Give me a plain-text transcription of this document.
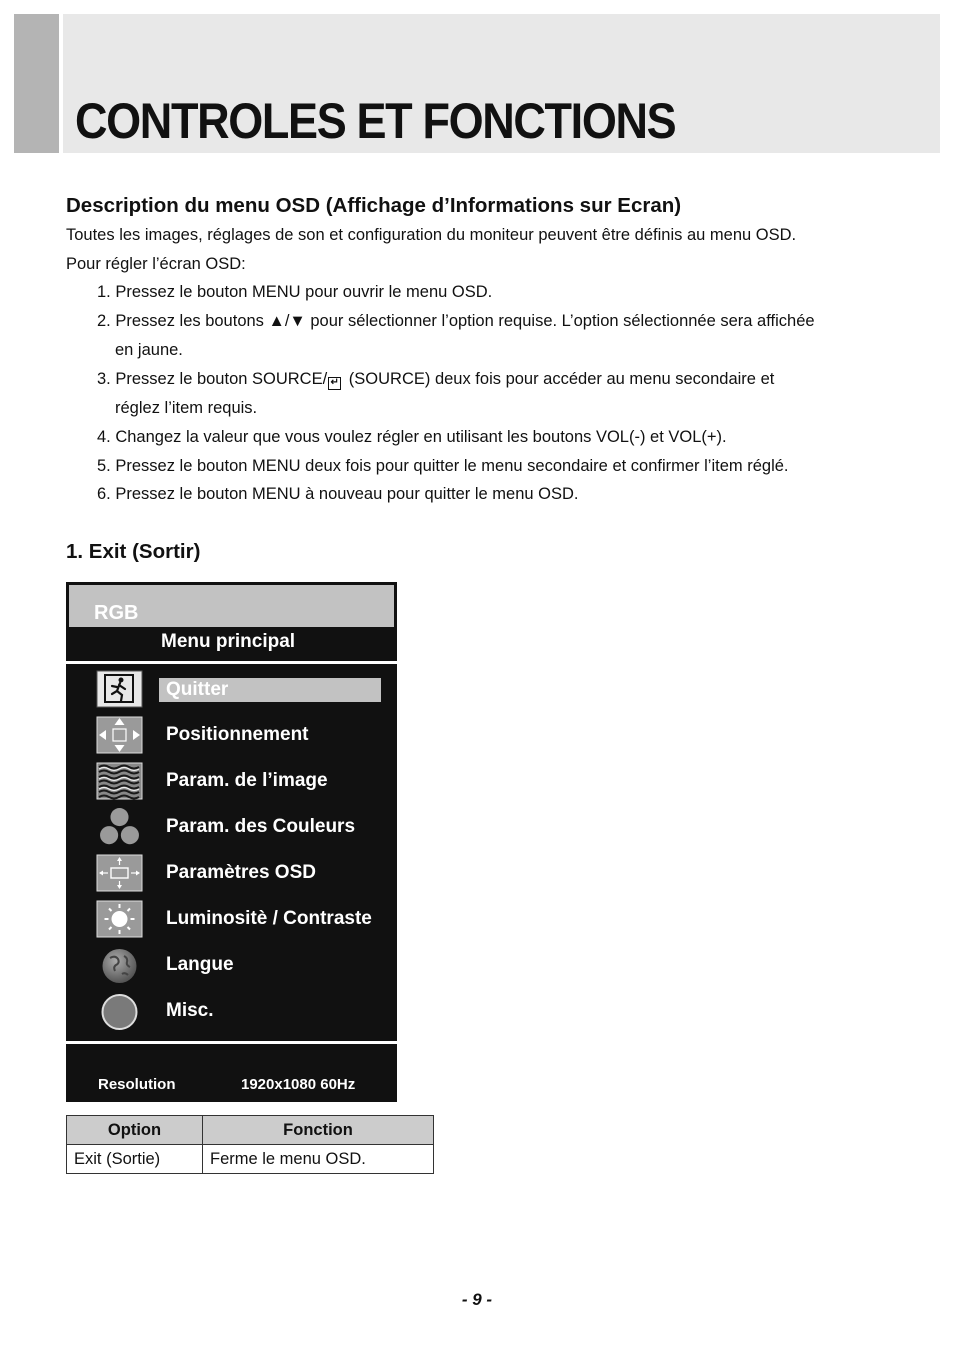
CONTROLES ET FONCTIONS
Description du menu OSD (Affichage d’Informations sur Ecran)
Toutes les images, réglages de son et configuration du moniteur peuvent être définis au menu OSD.
Pour régler l’écran OSD:
1. Pressez le bouton MENU pour ouvrir le menu OSD.
2. Pressez les boutons ▲/▼ pour sélectionner l’option requise. L’option sélectionnée sera affichée
en jaune.
3. Pressez le bouton SOURCE/ ↵ (SOURCE) deux fois pour accéder au menu secondaire et
réglez l’item requis.
4. Changez la valeur que vous voulez régler en utilisant les boutons VOL(-) et VOL(+).
5. Pressez le bouton MENU deux fois pour quitter le menu secondaire et confirmer l’item réglé.
6. Pressez le bouton MENU à nouveau pour quitter le menu OSD.
1. Exit (Sortir)
RGB
Menu principal
Quitter
Positionnement
Param. de l’image
Param. des Couleurs
Paramètres OSD
Luminositè / Contraste
Langue
Misc.
Resolution	1920x1080 60Hz
Option	Fonction
Exit (Sortie)	Ferme le menu OSD.
- 9 -
